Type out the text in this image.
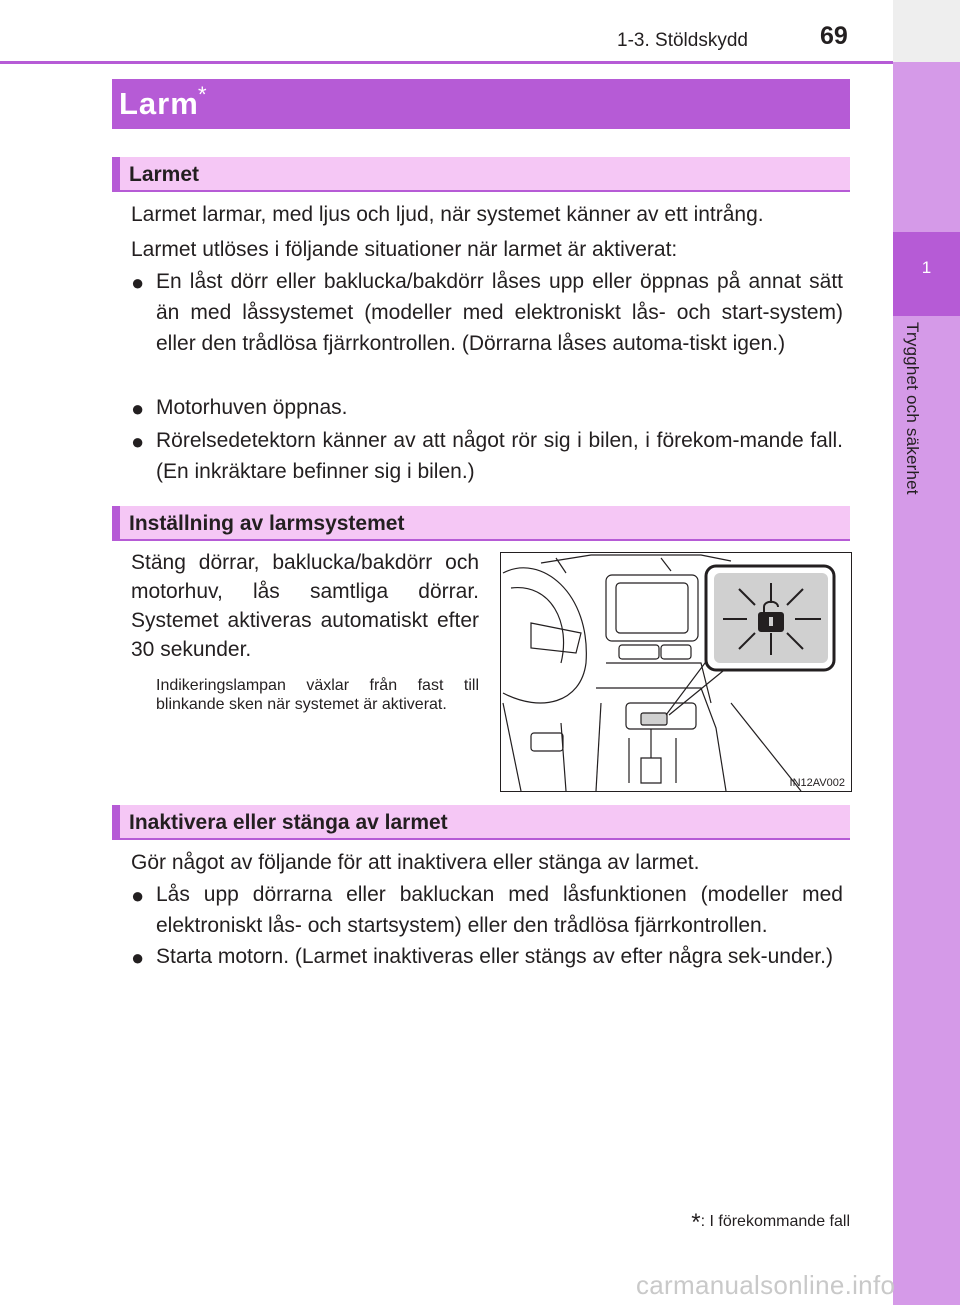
1
Trygghet och säkerhet
1-3. Stöldskydd	69
Larm *
Larmet
Larmet larmar, med ljus och ljud, när systemet känner av ett intrång.
Larmet utlöses i följande situationer när larmet är aktiverat:
● En låst dörr eller baklucka/bakdörr låses upp eller öppnas på annat sätt än med låssystemet (modeller med elektroniskt lås- och start-system) eller den trådlösa fjärrkontrollen. (Dörrarna låses automa-tiskt igen.)
● Motorhuven öppnas.
● Rörelsedetektorn känner av att något rör sig i bilen, i förekom-mande fall. (En inkräktare befinner sig i bilen.)
Inställning av larmsystemet
Stäng dörrar, baklucka/bakdörr och motorhuv, lås samtliga dörrar. Systemet aktiveras automatiskt efter 30 sekunder.
Indikeringslampan växlar från fast till blinkande sken när systemet är aktiverat.
IN12AV002
Inaktivera eller stänga av larmet
Gör något av följande för att inaktivera eller stänga av larmet.
● Lås upp dörrarna eller bakluckan med låsfunktionen (modeller med elektroniskt lås- och startsystem) eller den trådlösa fjärrkontrollen.
● Starta motorn. (Larmet inaktiveras eller stängs av efter några sek-under.)
*: I förekommande fall
carmanualsonline.info
